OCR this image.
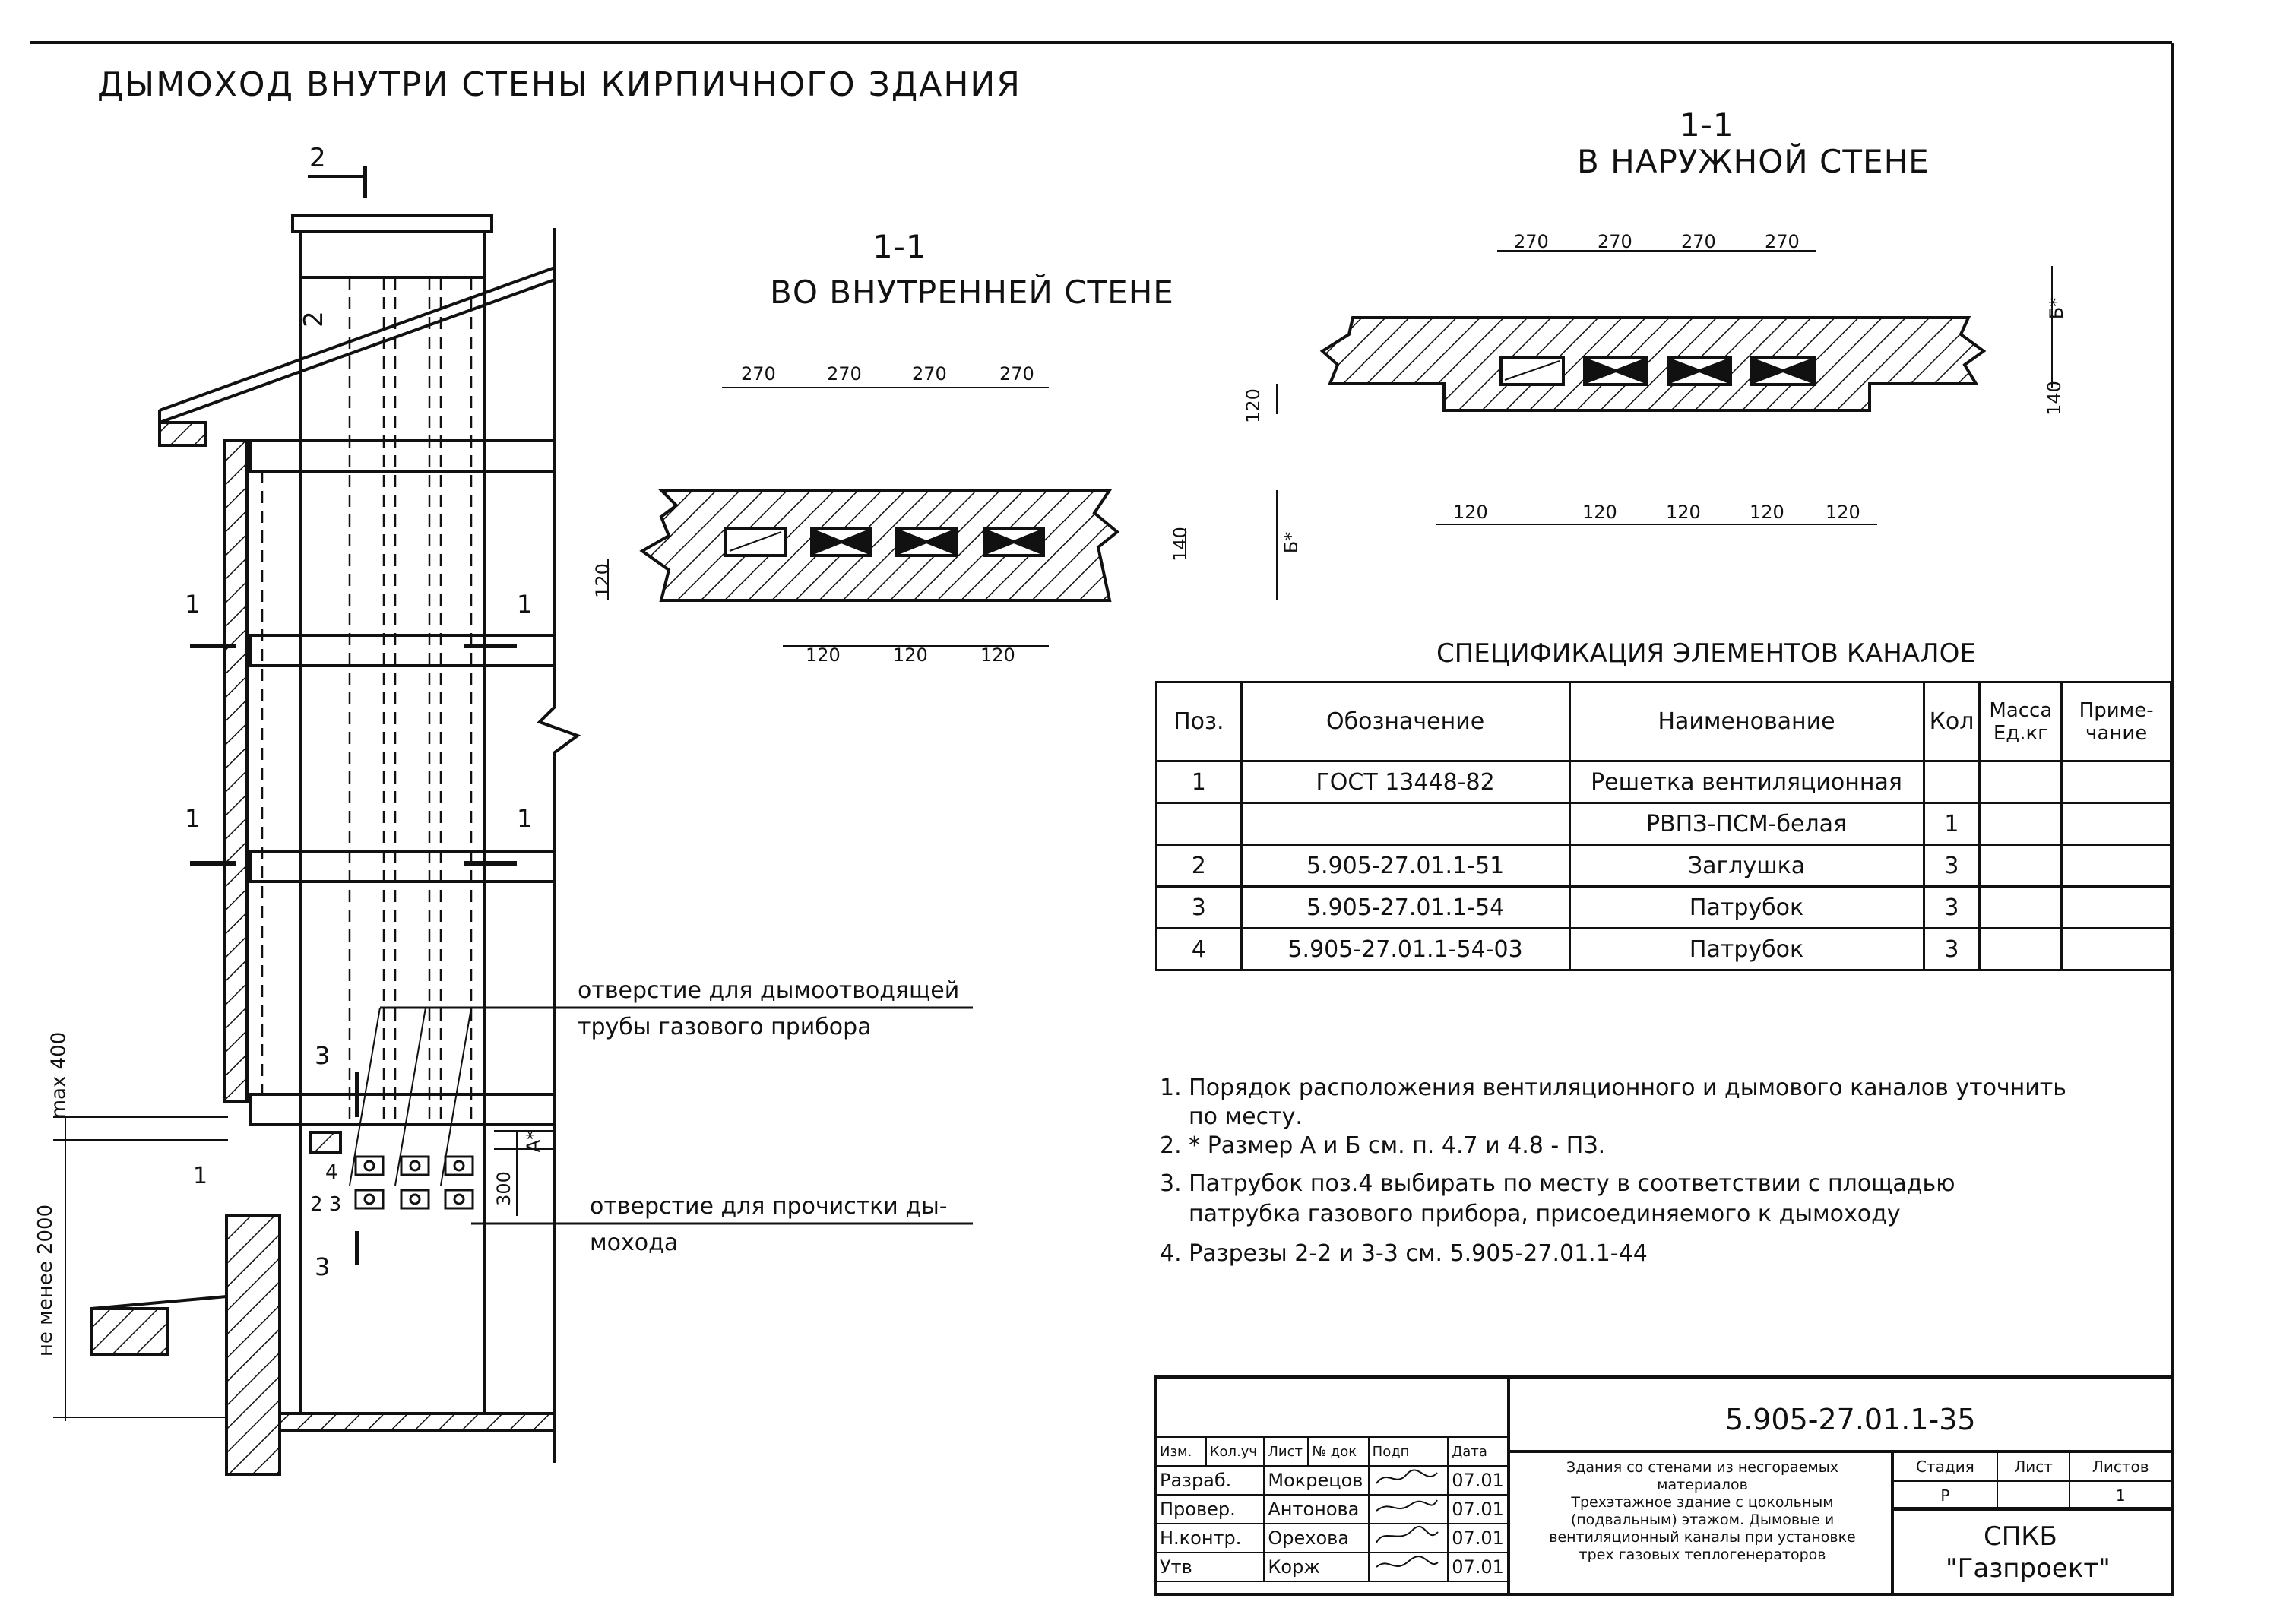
ДЫМОХОД ВНУТРИ СТЕНЫ КИРПИЧНОГО ЗДАНИЯ
2
2
1	1
1	1
3
3
1	4
2 3
отверстие для дымоотводящей
трубы газового прибора
отверстие для прочистки ды-
мохода
max 400
не менее 2000
А*
300
1-1
ВО ВНУТРЕННЕЙ СТЕНЕ
270	270	270	270
120	120	120
120
140	Б*
1-1
В НАРУЖНОЙ СТЕНЕ
270	270	270	270
120	120	120	120 120
120
Б*
140
СПЕЦИФИКАЦИЯ ЭЛЕМЕНТОВ КАНАЛОЕ
Поз.	Обозначение	Наименование	Кол	Масса Ед.кг	Приме- чание
1	ГОСТ 13448-82	Решетка вентиляционная			
		РВПЗ-ПСМ-белая	1		
2	5.905-27.01.1-51	Заглушка	3		
3	5.905-27.01.1-54	Патрубок	3		
4	5.905-27.01.1-54-03	Патрубок	3		
1. Порядок расположения вентиляционного и дымового каналов уточнить
по месту.
2. * Размер А и Б см. п. 4.7 и 4.8 - ПЗ.
3. Патрубок поз.4 выбирать по месту в соответствии с площадью
патрубка газового прибора, присоединяемого к дымоходу
4. Разрезы 2-2 и 3-3 см. 5.905-27.01.1-44
5.905-27.01.1-35
Изм.	Кол.уч	Лист	№ док	Подп	Дата
Разраб.		Мокрецов			07.01
Провер.		Антонова			07.01
Н.контр.		Орехова			07.01
Утв		Корж			07.01
Здания со стенами из несгораемых
материалов
Трехэтажное здание с цокольным
(подвальным) этажом. Дымовые и
вентиляционный каналы при установке
трех газовых теплогенераторов
Стадия	Лист	Листов
Р		1
СПКБ
"Газпроект"
